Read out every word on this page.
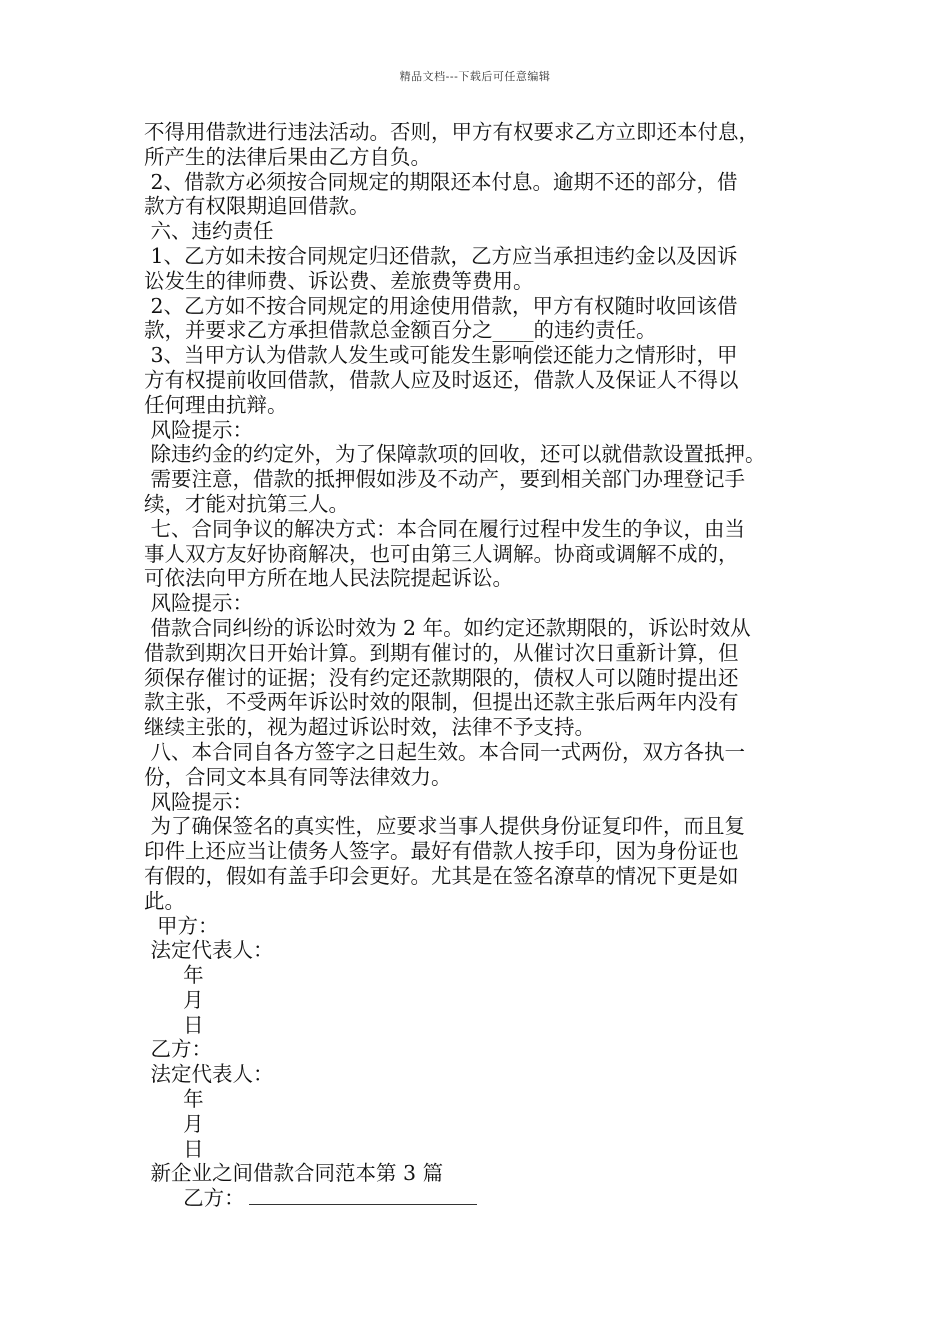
精品文档---下载后可任意编辑
不得用借款进行违法活动。否则，甲方有权要求乙方立即还本付息，
所产生的法律后果由乙方自负。
2、借款方必须按合同规定的期限还本付息。逾期不还的部分，借
款方有权限期追回借款。
六、违约责任
1、乙方如未按合同规定归还借款，乙方应当承担违约金以及因诉
讼发生的律师费、诉讼费、差旅费等费用。
2、乙方如不按合同规定的用途使用借款，甲方有权随时收回该借
款，并要求乙方承担借款总金额百分之____的违约责任。
3、当甲方认为借款人发生或可能发生影响偿还能力之情形时，甲
方有权提前收回借款，借款人应及时返还，借款人及保证人不得以
任何理由抗辩。
风险提示：
除违约金的约定外，为了保障款项的回收，还可以就借款设置抵押。
需要注意，借款的抵押假如涉及不动产，要到相关部门办理登记手
续，才能对抗第三人。
七、合同争议的解决方式：本合同在履行过程中发生的争议，由当
事人双方友好协商解决，也可由第三人调解。协商或调解不成的，
可依法向甲方所在地人民法院提起诉讼。
风险提示：
借款合同纠纷的诉讼时效为 2 年。如约定还款期限的，诉讼时效从
借款到期次日开始计算。到期有催讨的，从催讨次日重新计算，但
须保存催讨的证据；没有约定还款期限的，债权人可以随时提出还
款主张，不受两年诉讼时效的限制，但提出还款主张后两年内没有
继续主张的，视为超过诉讼时效，法律不予支持。
八、本合同自各方签字之日起生效。本合同一式两份，双方各执一
份，合同文本具有同等法律效力。
风险提示：
为了确保签名的真实性，应要求当事人提供身份证复印件，而且复
印件上还应当让债务人签字。最好有借款人按手印，因为身份证也
有假的，假如有盖手印会更好。尤其是在签名潦草的情况下更是如
此。
甲方：
法定代表人：
年
月
日
乙方：
法定代表人：
年
月
日
新企业之间借款合同范本第 3 篇
乙方：
